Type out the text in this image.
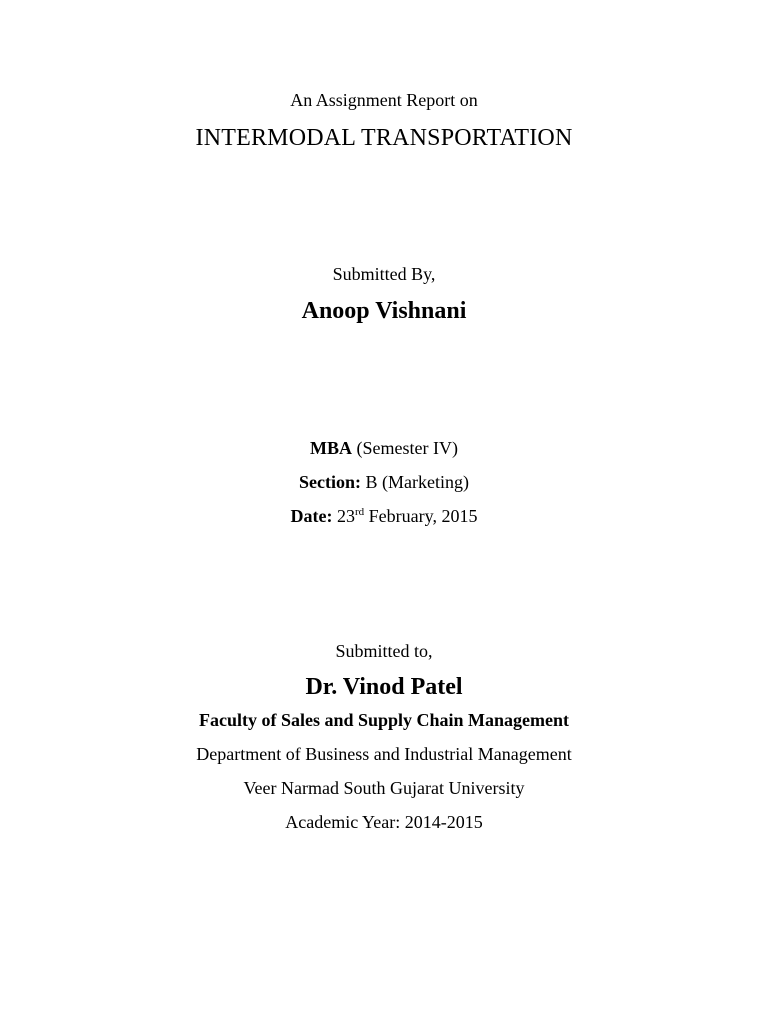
An Assignment Report on
INTERMODAL TRANSPORTATION
Submitted By,
Anoop Vishnani
MBA (Semester IV)
Section: B (Marketing)
Date: 23rd February, 2015
Submitted to,
Dr. Vinod Patel
Faculty of Sales and Supply Chain Management
Department of Business and Industrial Management
Veer Narmad South Gujarat University
Academic Year: 2014-2015
